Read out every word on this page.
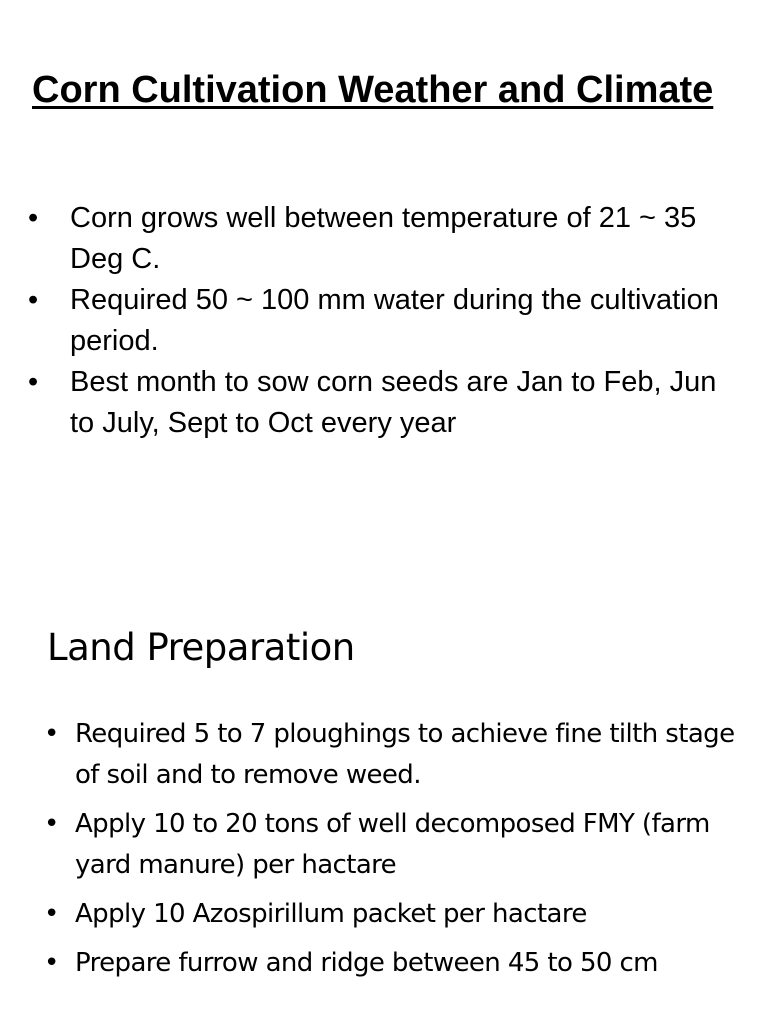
Corn Cultivation Weather and Climate
• Corn grows well between temperature of 21 ~ 35 Deg C.
• Required 50 ~ 100 mm water during the cultivation period.
• Best month to sow corn seeds are Jan to Feb, Jun to July, Sept to Oct every year
Land Preparation
• Required 5 to 7 ploughings to achieve fine tilth stage of soil and to remove weed.
• Apply 10 to 20 tons of well decomposed FMY (farm yard manure) per hactare
• Apply 10 Azospirillum packet per hactare
• Prepare furrow and ridge between 45 to 50 cm
